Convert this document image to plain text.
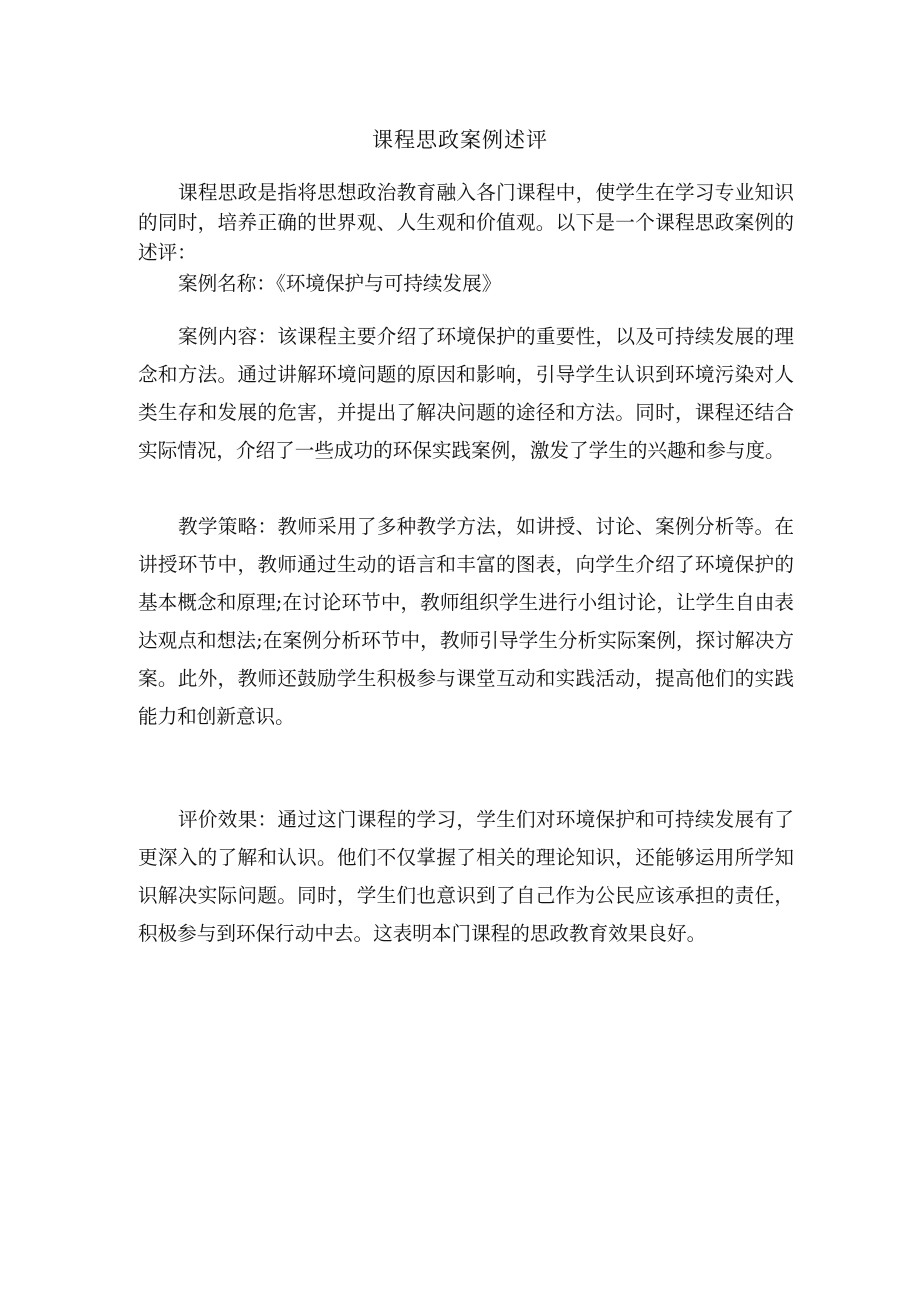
课程思政案例述评

课程思政是指将思想政治教育融入各门课程中，使学生在学习专业知识的同时，培养正确的世界观、人生观和价值观。以下是一个课程思政案例的述评：

案例名称：《环境保护与可持续发展》

案例内容：该课程主要介绍了环境保护的重要性，以及可持续发展的理念和方法。通过讲解环境问题的原因和影响，引导学生认识到环境污染对人类生存和发展的危害，并提出了解决问题的途径和方法。同时，课程还结合实际情况，介绍了一些成功的环保实践案例，激发了学生的兴趣和参与度。

教学策略：教师采用了多种教学方法，如讲授、讨论、案例分析等。在讲授环节中，教师通过生动的语言和丰富的图表，向学生介绍了环境保护的基本概念和原理;在讨论环节中，教师组织学生进行小组讨论，让学生自由表达观点和想法;在案例分析环节中，教师引导学生分析实际案例，探讨解决方案。此外，教师还鼓励学生积极参与课堂互动和实践活动，提高他们的实践能力和创新意识。

评价效果：通过这门课程的学习，学生们对环境保护和可持续发展有了更深入的了解和认识。他们不仅掌握了相关的理论知识，还能够运用所学知识解决实际问题。同时，学生们也意识到了自己作为公民应该承担的责任，积极参与到环保行动中去。这表明本门课程的思政教育效果良好。
